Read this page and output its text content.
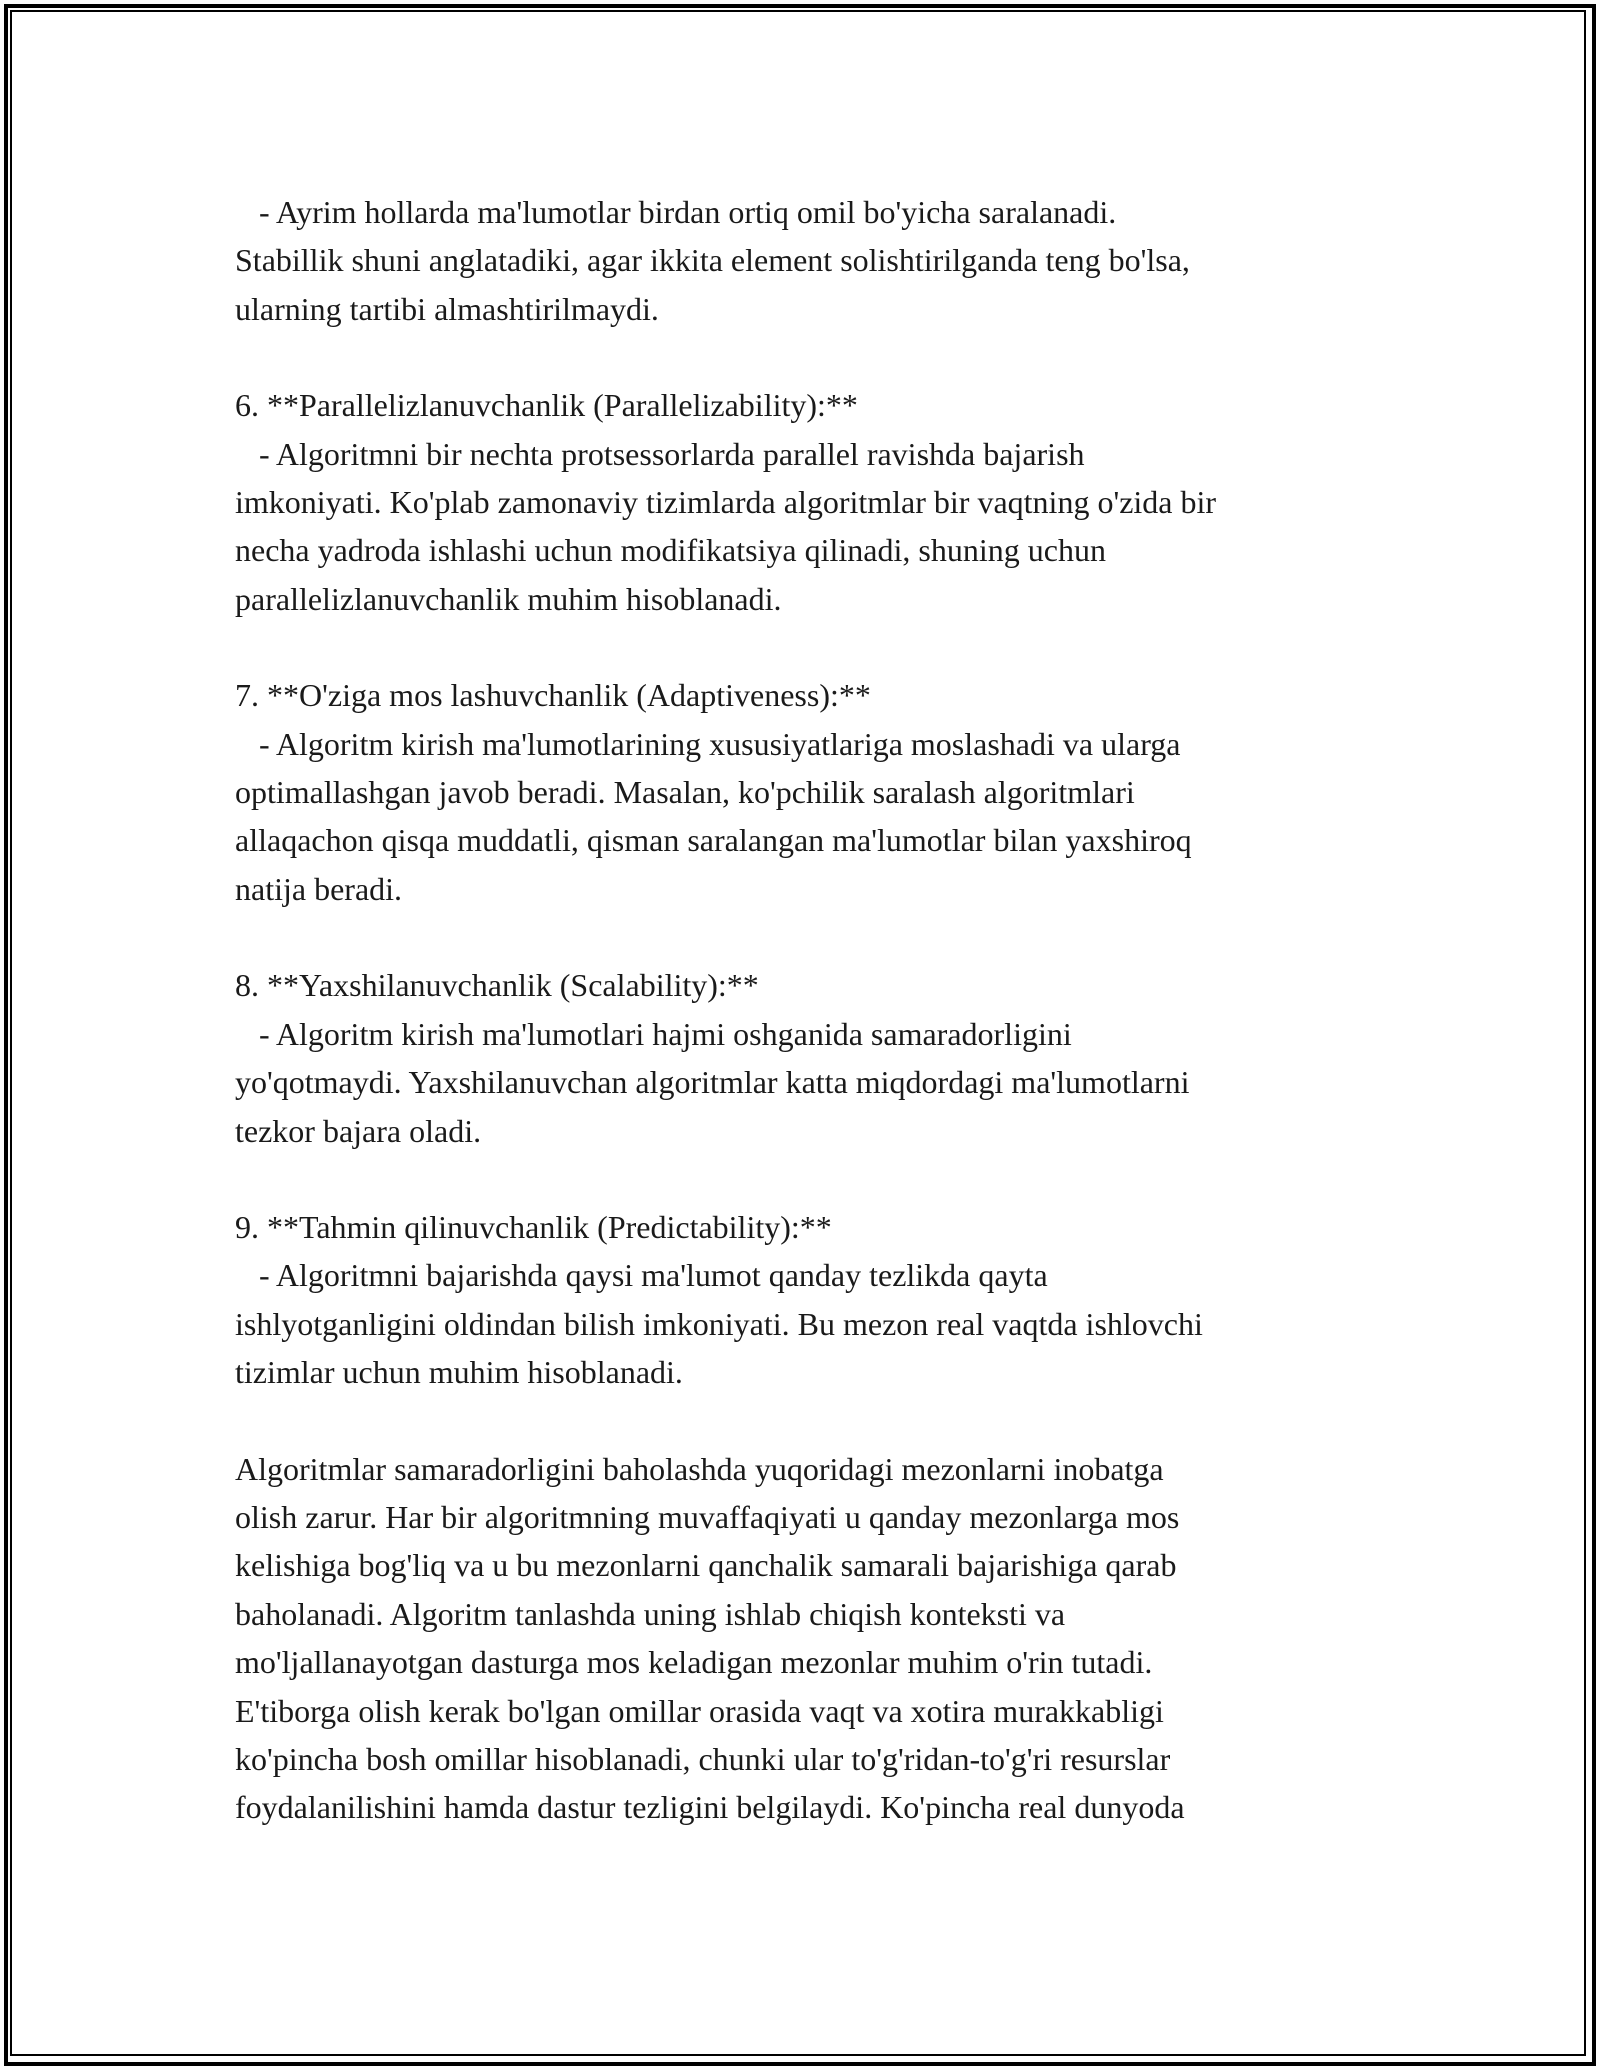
- Ayrim hollarda ma'lumotlar birdan ortiq omil bo'yicha saralanadi.
Stabillik shuni anglatadiki, agar ikkita element solishtirilganda teng bo'lsa,
ularning tartibi almashtirilmaydi.
6. **Parallelizlanuvchanlik (Parallelizability):**
- Algoritmni bir nechta protsessorlarda parallel ravishda bajarish
imkoniyati. Ko'plab zamonaviy tizimlarda algoritmlar bir vaqtning o'zida bir
necha yadroda ishlashi uchun modifikatsiya qilinadi, shuning uchun
parallelizlanuvchanlik muhim hisoblanadi.
7. **O'ziga mos lashuvchanlik (Adaptiveness):**
- Algoritm kirish ma'lumotlarining xususiyatlariga moslashadi va ularga
optimallashgan javob beradi. Masalan, ko'pchilik saralash algoritmlari
allaqachon qisqa muddatli, qisman saralangan ma'lumotlar bilan yaxshiroq
natija beradi.
8. **Yaxshilanuvchanlik (Scalability):**
- Algoritm kirish ma'lumotlari hajmi oshganida samaradorligini
yo'qotmaydi. Yaxshilanuvchan algoritmlar katta miqdordagi ma'lumotlarni
tezkor bajara oladi.
9. **Tahmin qilinuvchanlik (Predictability):**
- Algoritmni bajarishda qaysi ma'lumot qanday tezlikda qayta
ishlyotganligini oldindan bilish imkoniyati. Bu mezon real vaqtda ishlovchi
tizimlar uchun muhim hisoblanadi.
Algoritmlar samaradorligini baholashda yuqoridagi mezonlarni inobatga
olish zarur. Har bir algoritmning muvaffaqiyati u qanday mezonlarga mos
kelishiga bog'liq va u bu mezonlarni qanchalik samarali bajarishiga qarab
baholanadi. Algoritm tanlashda uning ishlab chiqish konteksti va
mo'ljallanayotgan dasturga mos keladigan mezonlar muhim o'rin tutadi.
E'tiborga olish kerak bo'lgan omillar orasida vaqt va xotira murakkabligi
ko'pincha bosh omillar hisoblanadi, chunki ular to'g'ridan-to'g'ri resurslar
foydalanilishini hamda dastur tezligini belgilaydi. Ko'pincha real dunyoda
